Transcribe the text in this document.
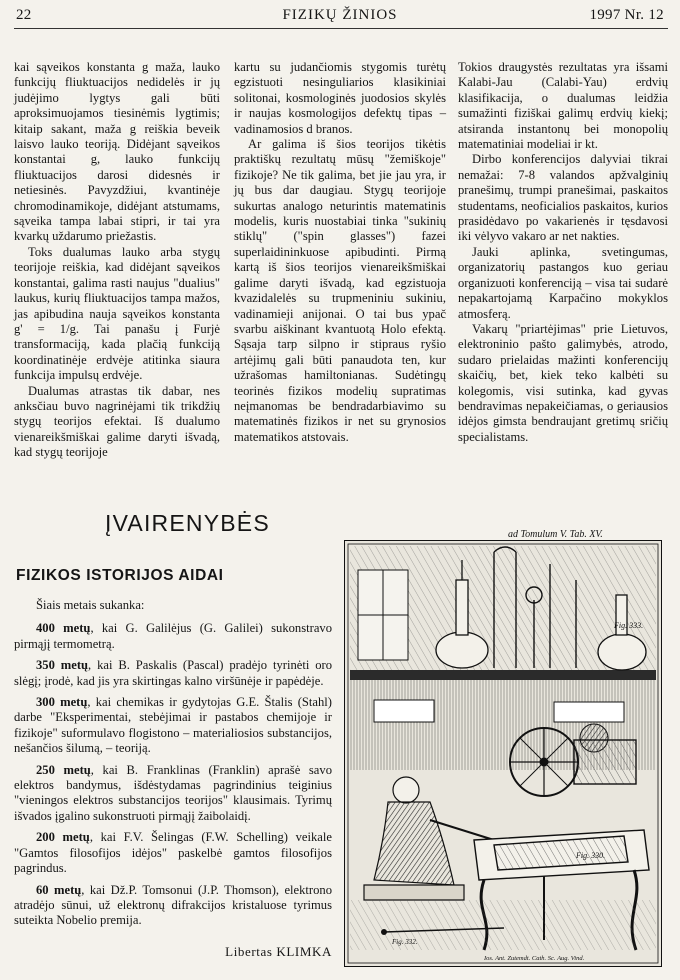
22	FIZIKŲ ŽINIOS	1997 Nr. 12

kai sąveikos konstanta g maža, lauko funkcijų fliuktuacijos nedidelės ir jų judėjimo lygtys gali būti aproksimuojamos tiesinėmis lygtimis; kitaip sakant, maža g reiškia beveik laisvo lauko teoriją. Didėjant sąveikos konstantai g, lauko funkcijų fliuktuacijos darosi didesnės ir netiesinės. Pavyzdžiui, kvantinėje chromodinamikoje, didėjant atstumams, sąveika tampa labai stipri, ir tai yra kvarkų uždarumo priežastis.

Toks dualumas lauko arba stygų teorijoje reiškia, kad didėjant sąveikos konstantai, galima rasti naujus "dualius" laukus, kurių fliuktuacijos tampa mažos, jas apibudina nauja sąveikos konstanta g' = 1/g. Tai panašu į Furjė transformaciją, kada plačią funkciją koordinatinėje erdvėje atitinka siaura funkcija impulsų erdvėje.

Dualumas atrastas tik dabar, nes anksčiau buvo nagrinėjami tik trikdžių stygų teorijos efektai. Iš dualumo vienareikšmiškai galime daryti išvadą, kad stygų teorijoje

kartu su judančiomis stygomis turėtų egzistuoti nesinguliarios klasikiniai solitonai, kosmologinės juodosios skylės ir naujas kosmologijos defektų tipas – vadinamosios d branos.

Ar galima iš šios teorijos tikėtis praktiškų rezultatų mūsų "žemiškoje" fizikoje? Ne tik galima, bet jie jau yra, ir jų bus dar daugiau. Stygų teorijoje sukurtas analogo neturintis matematinis modelis, kuris nuostabiai tinka "sukinių stiklų" ("spin glasses") fazei superlaidininkuose apibudinti. Pirmą kartą iš šios teorijos vienareikšmiškai galime daryti išvadą, kad egzistuoja kvazidalelės su trupmeniniu sukiniu, vadinamieji anijonai. O tai bus ypač svarbu aiškinant kvantuotą Holo efektą. Sąsaja tarp silpno ir stipraus ryšio artėjimų gali būti panaudota ten, kur užrašomas hamiltonianas. Sudėtingų teorinės fizikos modelių supratimas neįmanomas be bendradarbiavimo su matematinės fizikos ir net su grynosios matematikos atstovais.

Tokios draugystės rezultatas yra išsami Kalabi-Jau (Calabi-Yau) erdvių klasifikacija, o dualumas leidžia sumažinti fiziškai galimų erdvių kiekį; atsiranda instantonų bei monopolių matematiniai modeliai ir kt.

Dirbo konferencijos dalyviai tikrai nemažai: 7-8 valandos apžvalginių pranešimų, trumpi pranešimai, paskaitos studentams, neoficialios paskaitos, kurios prasidėdavo po vakarienės ir tęsdavosi iki vėlyvo vakaro ar net nakties.

Jauki aplinka, svetingumas, organizatorių pastangos kuo geriau organizuoti konferenciją – visa tai sudarė nepakartojamą Karpačino mokyklos atmosferą.

Vakarų "priartėjimas" prie Lietuvos, elektroninio pašto galimybės, atrodo, sudaro prielaidas mažinti konferencijų skaičių, bet, kiek teko kalbėti su kolegomis, visi sutinka, kad gyvas bendravimas nepakeičiamas, o geriausios idėjos gimsta bendraujant gretimų sričių specialistams.

ĮVAIRENYBĖS
FIZIKOS ISTORIJOS AIDAI

Šiais metais sukanka:

400 metų, kai G. Galilėjus (G. Galilei) sukonstravo pirmąjį termometrą.

350 metų, kai B. Paskalis (Pascal) pradėjo tyrinėti oro slėgį; įrodė, kad jis yra skirtingas kalno viršūnėje ir papėdėje.

300 metų, kai chemikas ir gydytojas G.E. Štalis (Stahl) darbe "Eksperimentai, stebėjimai ir pastabos chemijoje ir fizikoje" suformulavo flogistono – materialiosios substancijos, nešančios šilumą, – teoriją.

250 metų, kai B. Franklinas (Franklin) aprašė savo elektros bandymus, išdėstydamas pagrindinius teiginius "vieningos elektros substancijos teorijos" klausimais. Tyrimų išvados įgalino sukonstruoti pirmąjį žaibolaidį.

200 metų, kai F.V. Šelingas (F.W. Schelling) veikale "Gamtos filosofijos idėjos" paskelbė gamtos filosofijos pagrindus.

60 metų, kai Dž.P. Tomsonui (J.P. Thomson), elektrono atradėjo sūnui, už elektronų difrakcijos kristaluose tyrimus suteikta Nobelio premija.

Libertas KLIMKA
ad Tomulum V. Tab. XV.
Fig. 333.
Fig. 330.
Fig. 332.
Ios. Ant. Zutemdt. Cath. Sc. Aug. Vind.
